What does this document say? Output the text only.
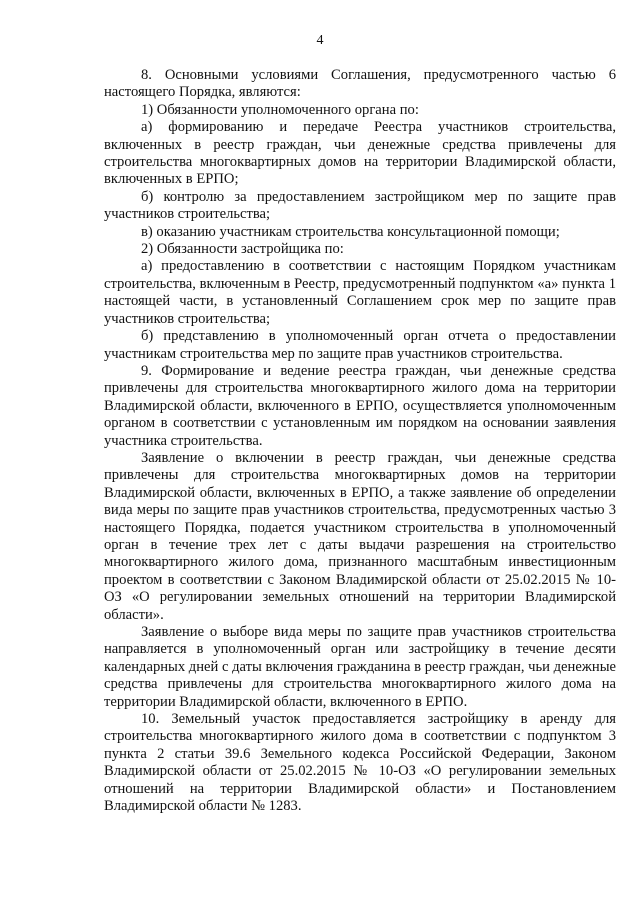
4

8. Основными условиями Соглашения, предусмотренного частью 6 настоящего Порядка, являются:

1) Обязанности уполномоченного органа по:

а) формированию и передаче Реестра участников строительства, включенных в реестр граждан, чьи денежные средства привлечены для строительства многоквартирных домов на территории Владимирской области, включенных в ЕРПО;

б) контролю за предоставлением застройщиком мер по защите прав участников строительства;

в) оказанию участникам строительства консультационной помощи;

2) Обязанности застройщика по:

а) предоставлению в соответствии с настоящим Порядком участникам строительства, включенным в Реестр, предусмотренный подпунктом «а» пункта 1 настоящей части, в установленный Соглашением срок мер по защите прав участников строительства;

б) представлению в уполномоченный орган отчета о предоставлении участникам строительства мер по защите прав участников строительства.

9. Формирование и ведение реестра граждан, чьи денежные средства привлечены для строительства многоквартирного жилого дома на территории Владимирской области, включенного в ЕРПО, осуществляется уполномоченным органом в соответствии с установленным им порядком на основании заявления участника строительства.

Заявление о включении в реестр граждан, чьи денежные средства привлечены для строительства многоквартирных домов на территории Владимирской области, включенных в ЕРПО, а также заявление об определении вида меры по защите прав участников строительства, предусмотренных частью 3 настоящего Порядка, подается участником строительства в уполномоченный орган в течение трех лет с даты выдачи разрешения на строительство многоквартирного жилого дома, признанного масштабным инвестиционным проектом в соответствии с Законом Владимирской области от 25.02.2015 № 10-ОЗ «О регулировании земельных отношений на территории Владимирской области».

Заявление о выборе вида меры по защите прав участников строительства направляется в уполномоченный орган или застройщику в течение десяти календарных дней с даты включения гражданина в реестр граждан, чьи денежные средства привлечены для строительства многоквартирного жилого дома на территории Владимирской области, включенного в ЕРПО.

10. Земельный участок предоставляется застройщику в аренду для строительства многоквартирного жилого дома в соответствии с подпунктом 3 пункта 2 статьи 39.6 Земельного кодекса Российской Федерации, Законом Владимирской области от 25.02.2015 № 10-ОЗ «О регулировании земельных отношений на территории Владимирской области» и Постановлением Владимирской области № 1283.
